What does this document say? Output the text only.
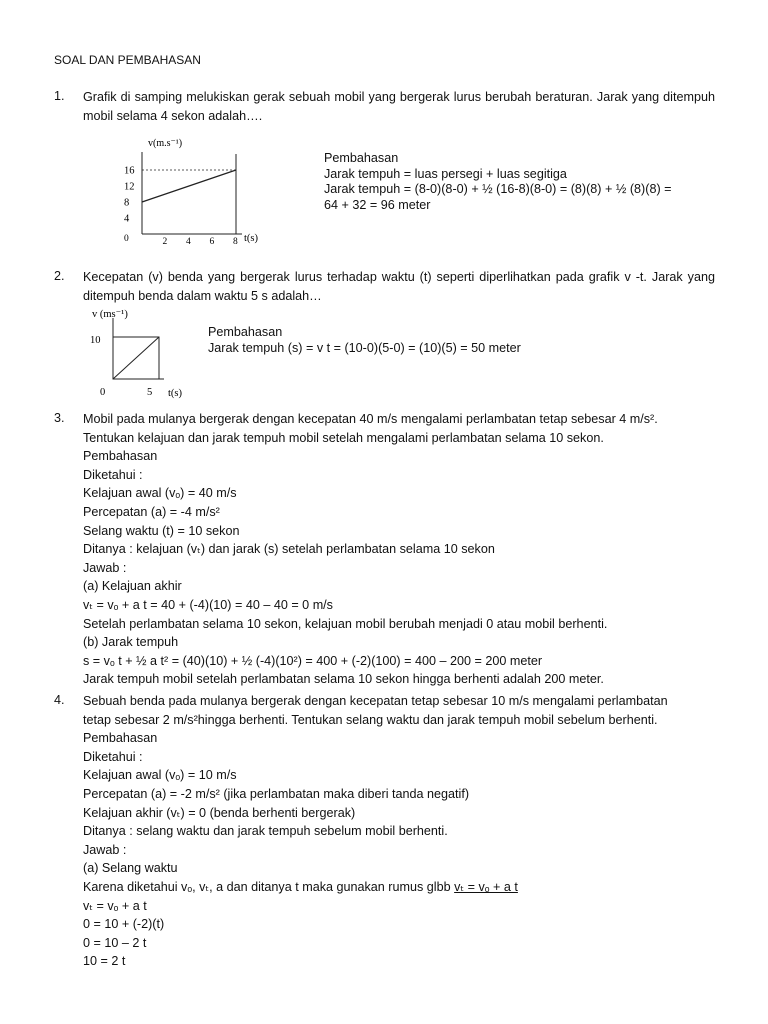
SOAL DAN PEMBAHASAN
1. Grafik di samping melukiskan gerak sebuah mobil yang bergerak lurus berubah beraturan. Jarak yang ditempuh mobil selama 4 sekon adalah….
v(m.s⁻¹)
4
8
12
16
0	2 4 6 8 t(s)
Pembahasan
Jarak tempuh = luas persegi + luas segitiga
Jarak tempuh = (8-0)(8-0) + ½ (16-8)(8-0) = (8)(8) + ½ (8)(8) =
64 + 32 = 96 meter
2. Kecepatan (v) benda yang bergerak lurus terhadap waktu (t) seperti diperlihatkan pada grafik v -t. Jarak yang ditempuh benda dalam waktu 5 s adalah…
v (ms⁻¹)
10
0	5 t(s)
Pembahasan
Jarak tempuh (s) = v t = (10-0)(5-0) = (10)(5) = 50 meter
3. Mobil pada mulanya bergerak dengan kecepatan 40 m/s mengalami perlambatan tetap sebesar 4 m/s².
Tentukan kelajuan dan jarak tempuh mobil setelah mengalami perlambatan selama 10 sekon.
Pembahasan
Diketahui :
Kelajuan awal (vₒ) = 40 m/s
Percepatan (a) = -4 m/s²
Selang waktu (t) = 10 sekon
Ditanya : kelajuan (vₜ) dan jarak (s) setelah perlambatan selama 10 sekon
Jawab :
(a) Kelajuan akhir
vₜ = vₒ + a t = 40 + (-4)(10) = 40 – 40 = 0 m/s
Setelah perlambatan selama 10 sekon, kelajuan mobil berubah menjadi 0 atau mobil berhenti.
(b) Jarak tempuh
s = vₒ t + ½ a t² = (40)(10) + ½ (-4)(10²) = 400 + (-2)(100) = 400 – 200 = 200 meter
Jarak tempuh mobil setelah perlambatan selama 10 sekon hingga berhenti adalah 200 meter.
4. Sebuah benda pada mulanya bergerak dengan kecepatan tetap sebesar 10 m/s mengalami perlambatan
tetap sebesar 2 m/s²hingga berhenti. Tentukan selang waktu dan jarak tempuh mobil sebelum berhenti.
Pembahasan
Diketahui :
Kelajuan awal (vₒ) = 10 m/s
Percepatan (a) = -2 m/s² (jika perlambatan maka diberi tanda negatif)
Kelajuan akhir (vₜ) = 0 (benda berhenti bergerak)
Ditanya : selang waktu dan jarak tempuh sebelum mobil berhenti.
Jawab :
(a) Selang waktu
Karena diketahui vₒ, vₜ, a dan ditanya t maka gunakan rumus glbb vₜ = vₒ + a t
vₜ = vₒ + a t
0 = 10 + (-2)(t)
0 = 10 – 2 t
10 = 2 t
